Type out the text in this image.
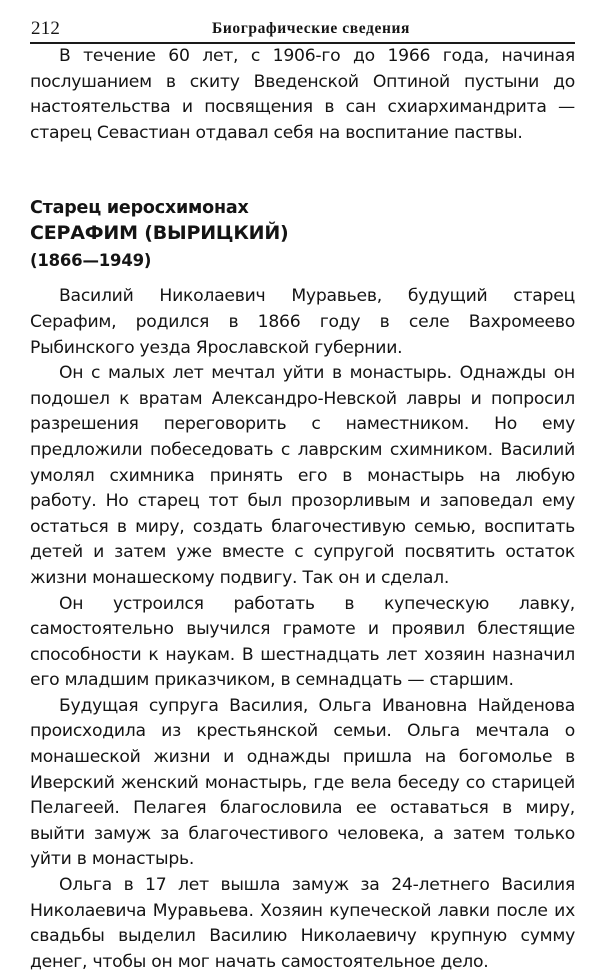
212	Биографические сведения

В течение 60 лет, с 1906-го до 1966 года, начиная послушанием в скиту Введенской Оптиной пустыни до настоятельства и посвящения в сан схиархимандрита — старец Севастиан отдавал себя на воспитание паствы.

Старец иеросхимонах
СЕРАФИМ (ВЫРИЦКИЙ)
(1866—1949)

Василий Николаевич Муравьев, будущий старец Серафим, родился в 1866 году в селе Вахромеево Рыбинского уезда Ярославской губернии.

Он с малых лет мечтал уйти в монастырь. Однажды он подошел к вратам Александро-Невской лавры и попросил разрешения переговорить с наместником. Но ему предложили побеседовать с лаврским схимником. Василий умолял схимника принять его в монастырь на любую работу. Но старец тот был прозорливым и заповедал ему остаться в миру, создать благочестивую семью, воспитать детей и затем уже вместе с супругой посвятить остаток жизни монашескому подвигу. Так он и сделал.

Он устроился работать в купеческую лавку, самостоятельно выучился грамоте и проявил блестящие способности к наукам. В шестнадцать лет хозяин назначил его младшим приказчиком, в семнадцать — старшим.

Будущая супруга Василия, Ольга Ивановна Найденова происходила из крестьянской семьи. Ольга мечтала о монашеской жизни и однажды пришла на богомолье в Иверский женский монастырь, где вела беседу со старицей Пелагеей. Пелагея благословила ее оставаться в миру, выйти замуж за благочестивого человека, а затем только уйти в монастырь.

Ольга в 17 лет вышла замуж за 24-летнего Василия Николаевича Муравьева. Хозяин купеческой лавки после их свадьбы выделил Василию Николаевичу крупную сумму денег, чтобы он мог начать самостоятельное дело.
